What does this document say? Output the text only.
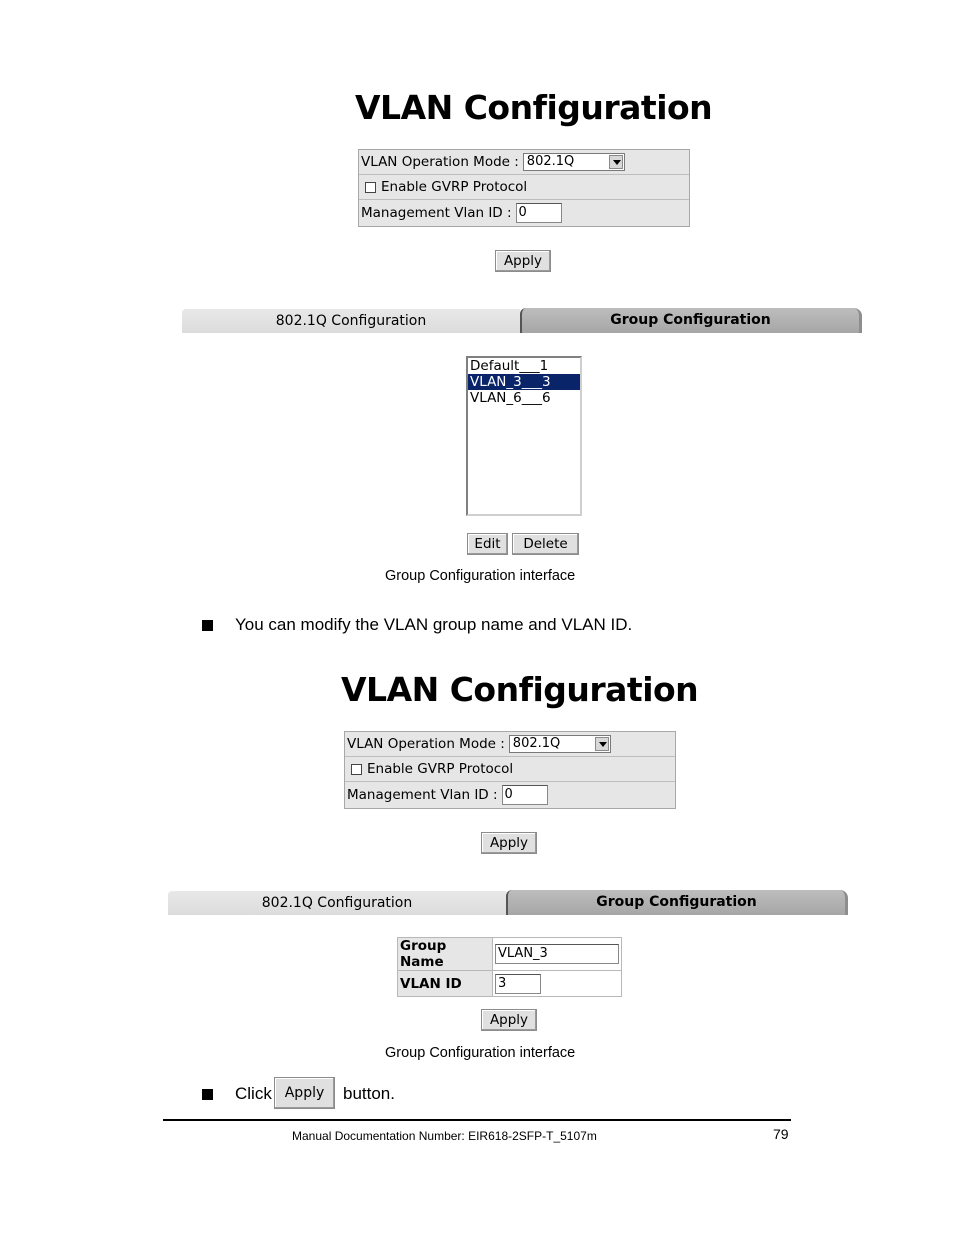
VLAN Configuration
VLAN Operation Mode : 802.1Q
Enable GVRP Protocol
Management Vlan ID : 0
Apply
802.1Q Configuration	Group Configuration
Default___1
VLAN_3___3
VLAN_6___6
Edit	Delete
Group Configuration interface
You can modify the VLAN group name and VLAN ID.
VLAN Configuration
VLAN Operation Mode : 802.1Q
Enable GVRP Protocol
Management Vlan ID : 0
Apply
802.1Q Configuration	Group Configuration
Group Name	VLAN_3
VLAN ID	3
Apply
Group Configuration interface
Click Apply	button.
Manual Documentation Number: EIR618-2SFP-T_5107m	79
